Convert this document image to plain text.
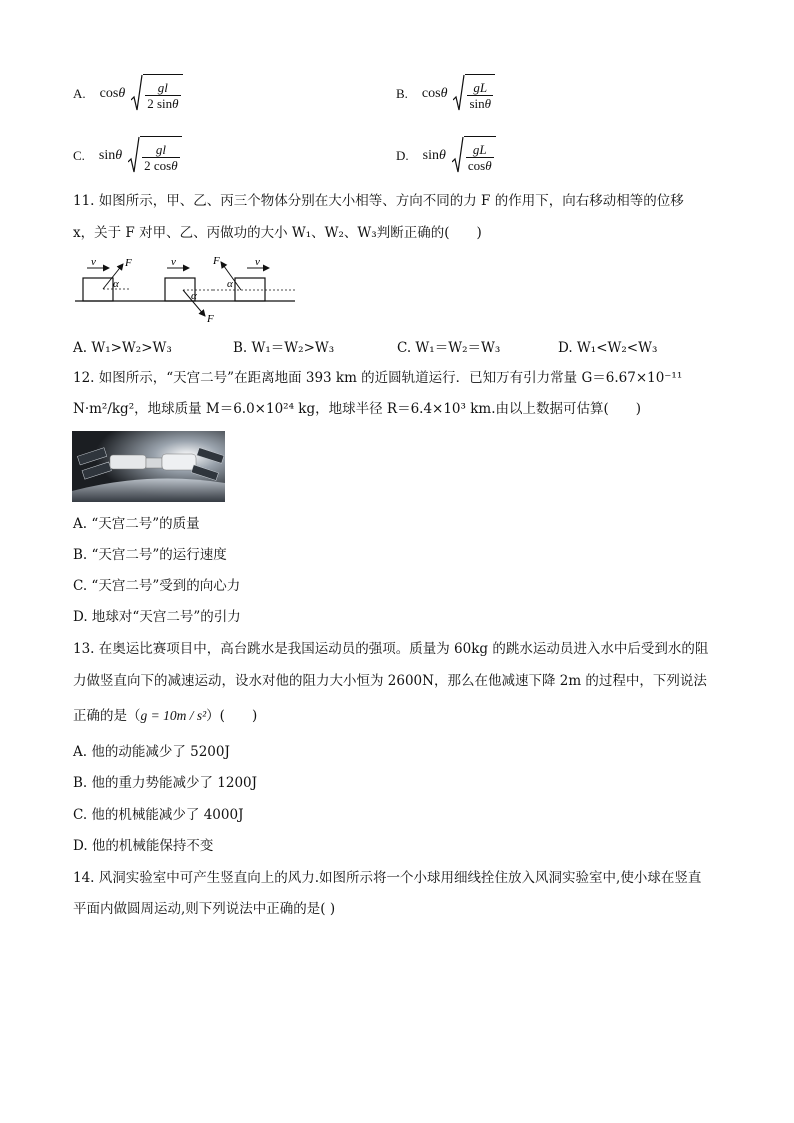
A. cosθ $\frac{gl}{2 \sin\theta}$	B. cosθ $\frac{gL}{\sin\theta}$
C. sinθ $\frac{gl}{2 \cos\theta}$	D. sinθ $\frac{gL}{\cos\theta}$
11. 如图所示，甲、乙、丙三个物体分别在大小相等、方向不同的力 F 的作用下，向右移动相等的位移
x，关于 F 对甲、乙、丙做功的大小 W₁、W₂、W₃判断正确的(　　)
v	F
α
v
F
α
v
F
α
A. W₁>W₂>W₃	B. W₁＝W₂>W₃	C. W₁＝W₂＝W₃	D. W₁<W₂<W₃
12. 如图所示，“天宫二号”在距离地面 393 km 的近圆轨道运行．已知万有引力常量 G＝6.67×10⁻¹¹
N·m²/kg²，地球质量 M＝6.0×10²⁴ kg，地球半径 R＝6.4×10³ km.由以上数据可估算(　　)
A. “天宫二号”的质量
B. “天宫二号”的运行速度
C. “天宫二号”受到的向心力
D. 地球对“天宫二号”的引力
13. 在奥运比赛项目中，高台跳水是我国运动员的强项。质量为 60kg 的跳水运动员进入水中后受到水的阻
力做竖直向下的减速运动，设水对他的阻力大小恒为 2600N，那么在他减速下降 2m 的过程中，下列说法
正确的是（g = 10m / s²）(　　)
A. 他的动能减少了 5200J
B. 他的重力势能减少了 1200J
C. 他的机械能减少了 4000J
D. 他的机械能保持不变
14. 风洞实验室中可产生竖直向上的风力.如图所示将一个小球用细线拴住放入风洞实验室中,使小球在竖直
平面内做圆周运动,则下列说法中正确的是( )
